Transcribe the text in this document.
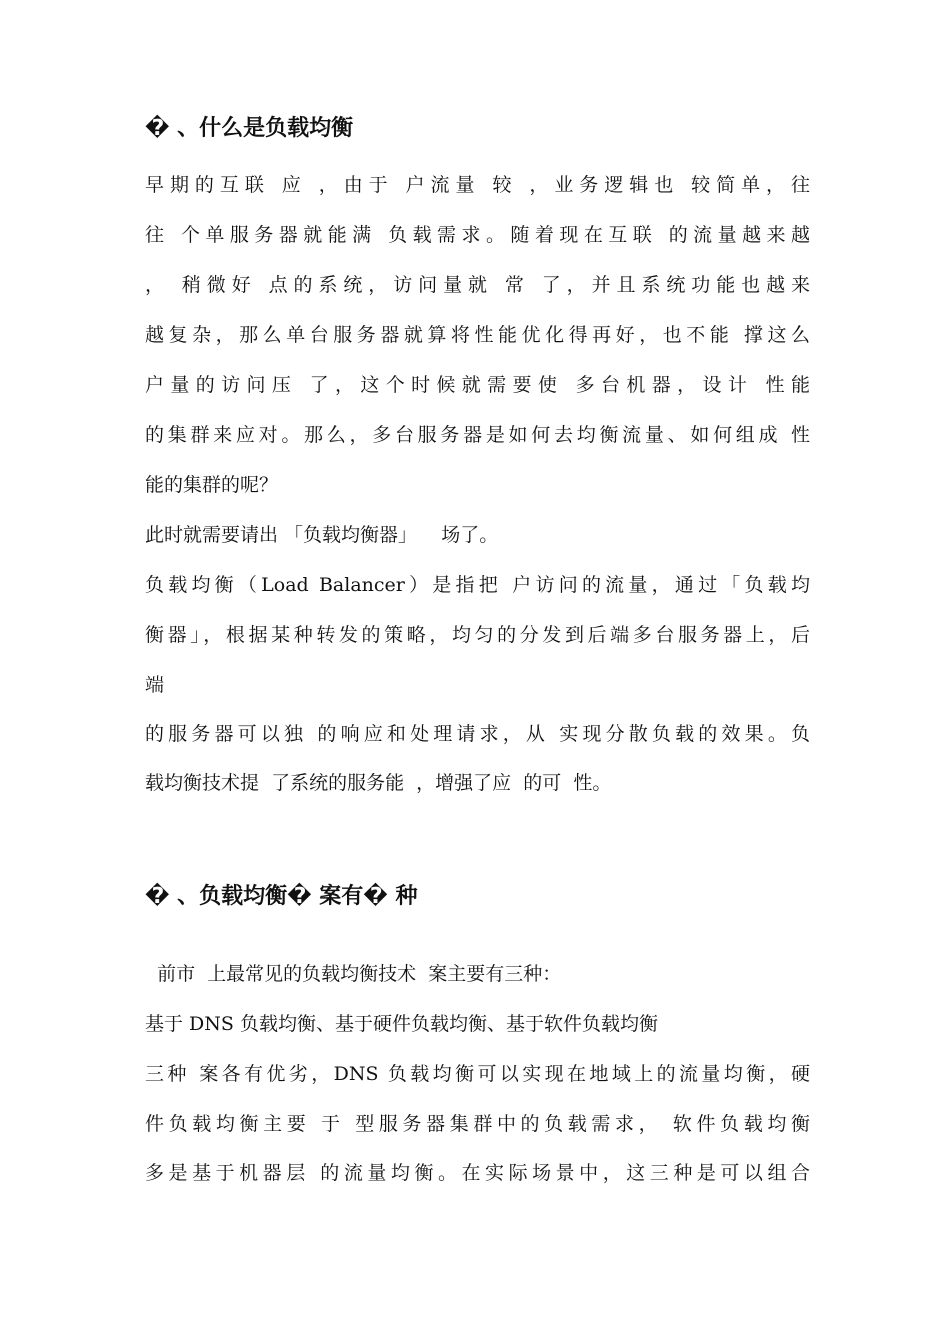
� 、什么是负载均衡

早期的互联 应 ，由于 户流量 较 ，业务逻辑也 较简单，往

往 个单服务器就能满 负载需求。随着现在互联 的流量越来越

， 稍微好 点的系统，访问量就 常 了，并且系统功能也越来

越复杂，那么单台服务器就算将性能优化得再好，也不能 撑这么

户量的访问压 了，这个时候就需要使 多台机器，设计 性能

的集群来应对。那么，多台服务器是如何去均衡流量、如何组成 性

能的集群的呢？

此时就需要请出 「负载均衡器」    场了。

负载均衡（Load Balancer）是指把 户访问的流量，通过「负载均

衡器」，根据某种转发的策略，均匀的分发到后端多台服务器上，后

端

的服务器可以独 的响应和处理请求，从 实现分散负载的效果。负

载均衡技术提  了系统的服务能  ，增强了应  的可  性。

� 、负载均衡� 案有� 种

前市  上最常见的负载均衡技术  案主要有三种：

基于 DNS 负载均衡、基于硬件负载均衡、基于软件负载均衡

三种 案各有优劣，DNS 负载均衡可以实现在地域上的流量均衡，硬

件负载均衡主要 于 型服务器集群中的负载需求， 软件负载均衡

多是基于机器层 的流量均衡。在实际场景中，这三种是可以组合
